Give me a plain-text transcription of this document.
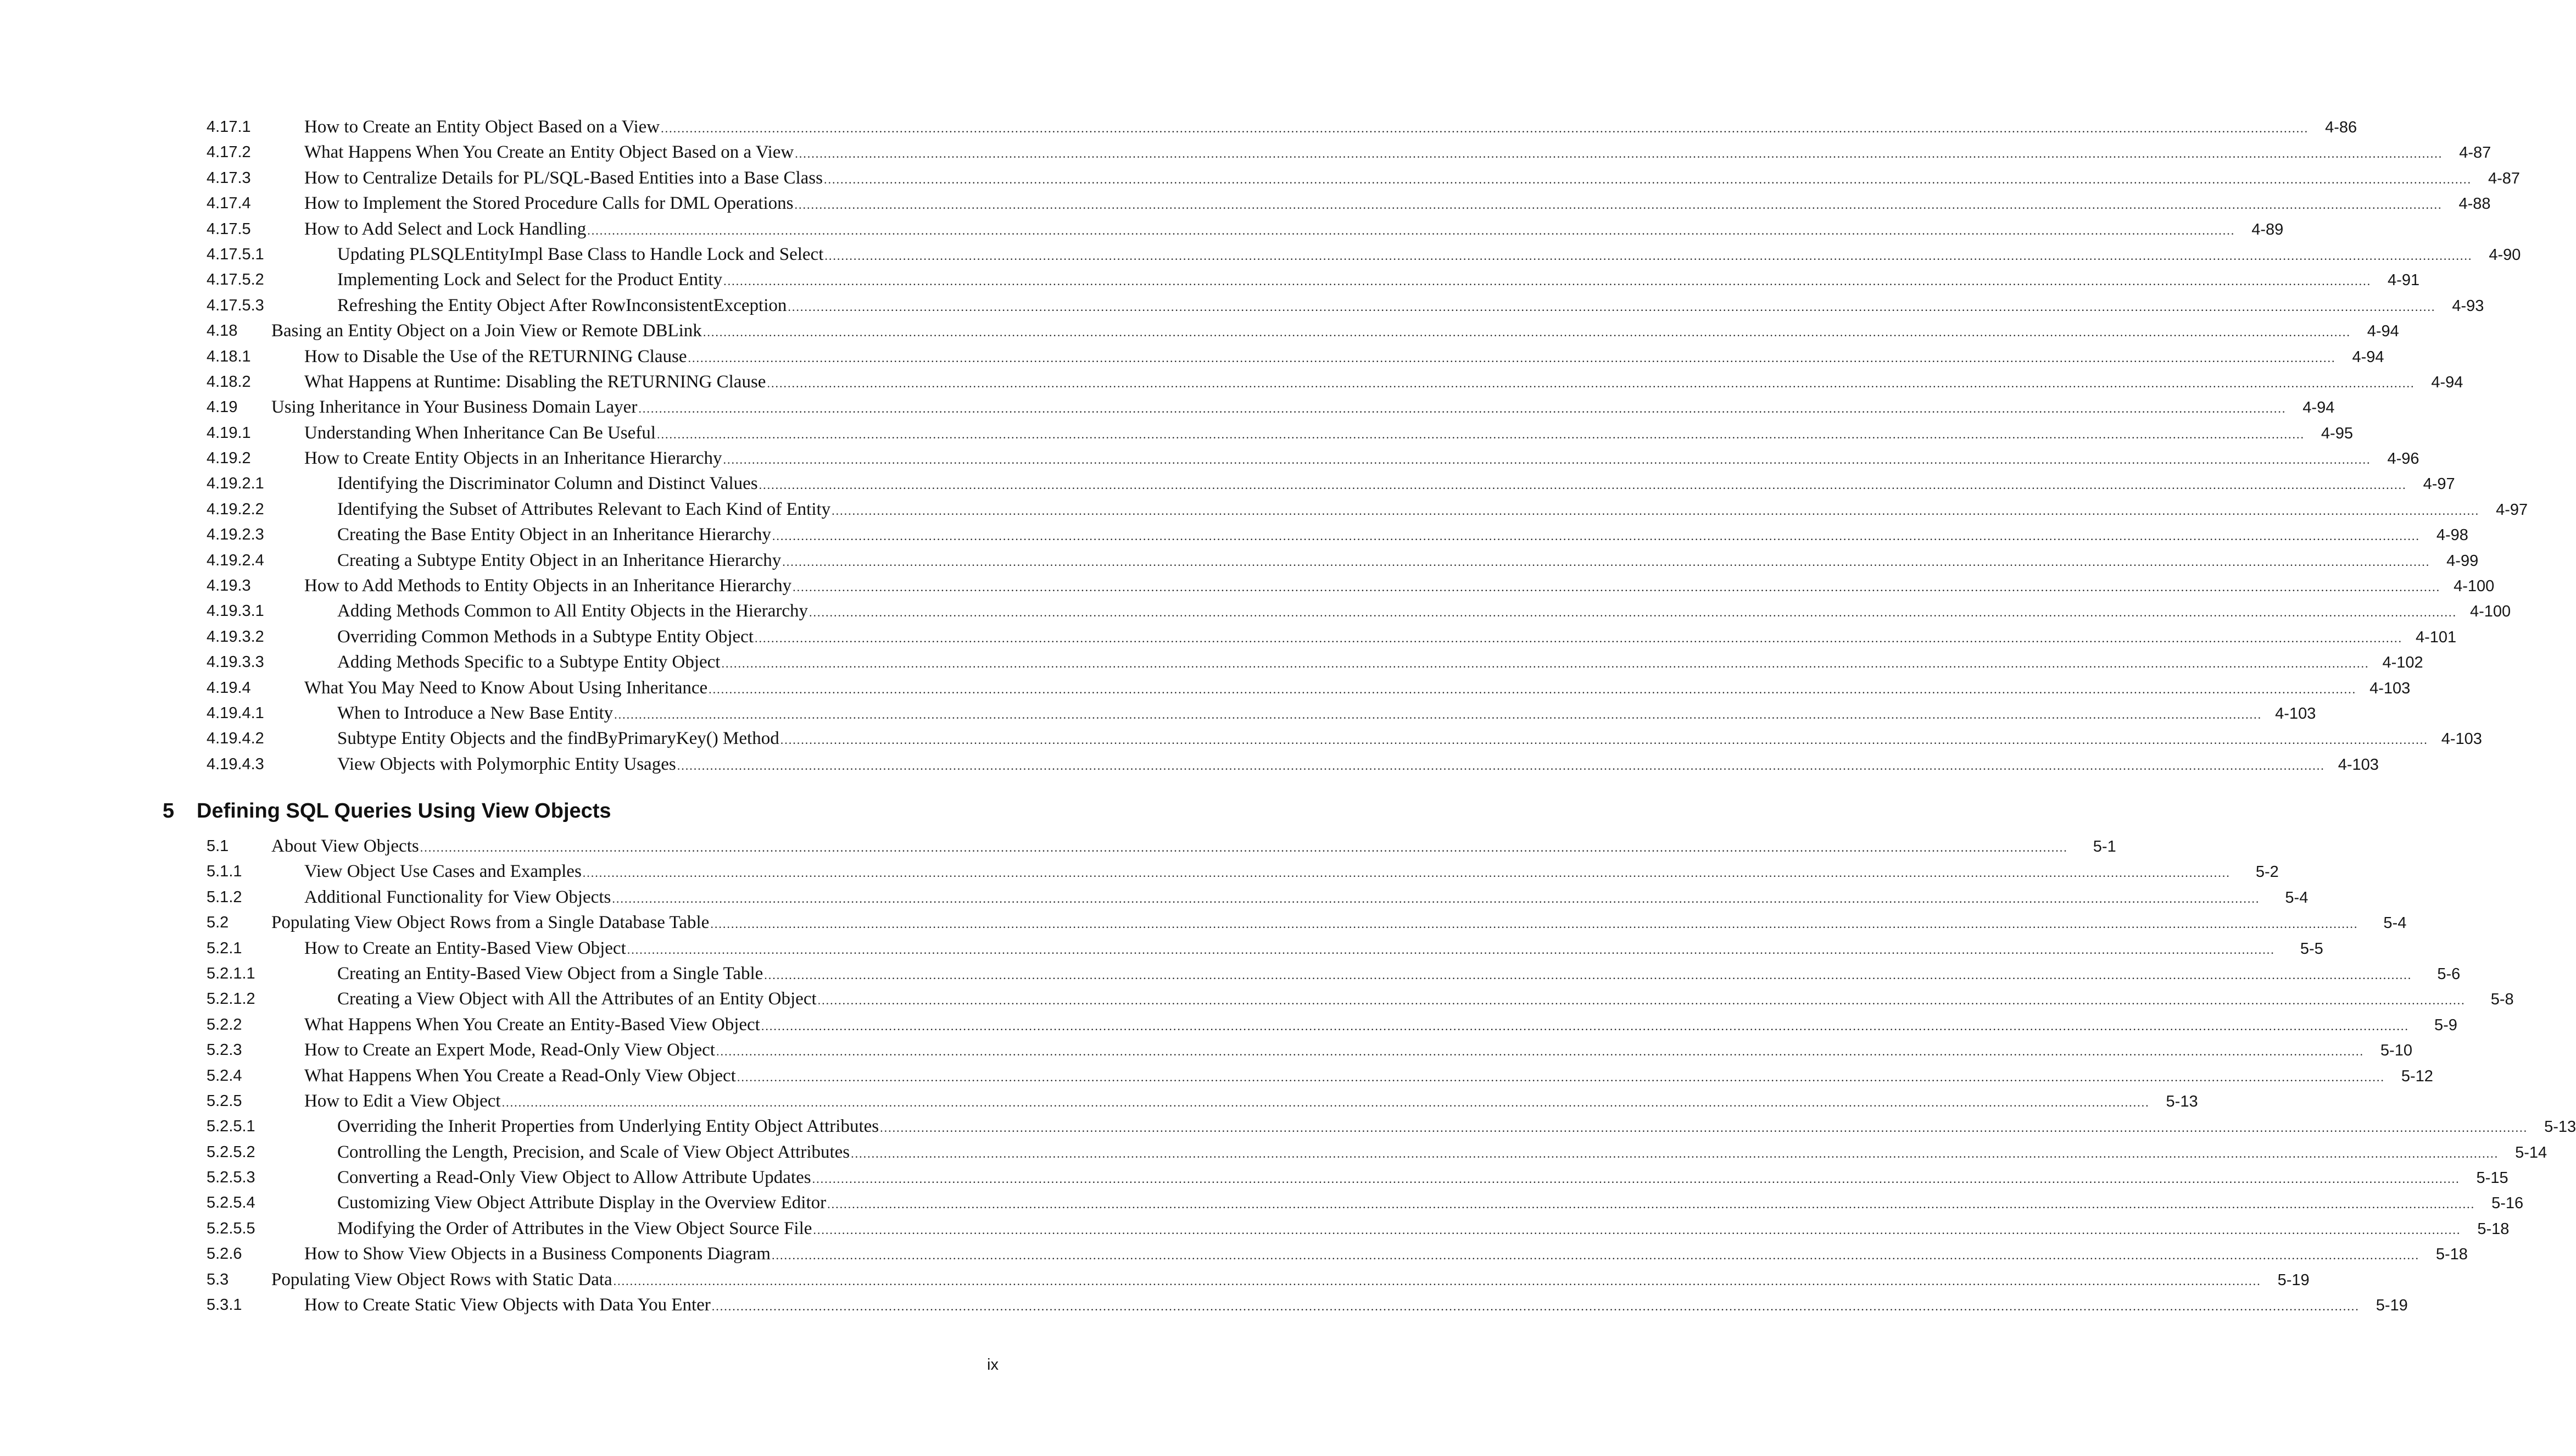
4.17.1	How to Create an Entity Object Based on a View ................................................................................................................................................................................................................................................................................................................................................................................................................	4-86
4.17.2	What Happens When You Create an Entity Object Based on a View ................................................................................................................................................................................................................................................................................................................................................................................................................	4-87
4.17.3	How to Centralize Details for PL/SQL-Based Entities into a Base Class ................................................................................................................................................................................................................................................................................................................................................................................................................	4-87
4.17.4	How to Implement the Stored Procedure Calls for DML Operations ................................................................................................................................................................................................................................................................................................................................................................................................................	4-88
4.17.5	How to Add Select and Lock Handling ................................................................................................................................................................................................................................................................................................................................................................................................................	4-89
4.17.5.1	Updating PLSQLEntityImpl Base Class to Handle Lock and Select ................................................................................................................................................................................................................................................................................................................................................................................................................	4-90
4.17.5.2	Implementing Lock and Select for the Product Entity ................................................................................................................................................................................................................................................................................................................................................................................................................	4-91
4.17.5.3	Refreshing the Entity Object After RowInconsistentException ................................................................................................................................................................................................................................................................................................................................................................................................................	4-93
4.18 Basing an Entity Object on a Join View or Remote DBLink ................................................................................................................................................................................................................................................................................................................................................................................................................	4-94
4.18.1	How to Disable the Use of the RETURNING Clause ................................................................................................................................................................................................................................................................................................................................................................................................................	4-94
4.18.2	What Happens at Runtime: Disabling the RETURNING Clause ................................................................................................................................................................................................................................................................................................................................................................................................................	4-94
4.19 Using Inheritance in Your Business Domain Layer ................................................................................................................................................................................................................................................................................................................................................................................................................	4-94
4.19.1	Understanding When Inheritance Can Be Useful ................................................................................................................................................................................................................................................................................................................................................................................................................	4-95
4.19.2	How to Create Entity Objects in an Inheritance Hierarchy ................................................................................................................................................................................................................................................................................................................................................................................................................	4-96
4.19.2.1	Identifying the Discriminator Column and Distinct Values ................................................................................................................................................................................................................................................................................................................................................................................................................	4-97
4.19.2.2	Identifying the Subset of Attributes Relevant to Each Kind of Entity ................................................................................................................................................................................................................................................................................................................................................................................................................	4-97
4.19.2.3	Creating the Base Entity Object in an Inheritance Hierarchy ................................................................................................................................................................................................................................................................................................................................................................................................................	4-98
4.19.2.4	Creating a Subtype Entity Object in an Inheritance Hierarchy ................................................................................................................................................................................................................................................................................................................................................................................................................	4-99
4.19.3	How to Add Methods to Entity Objects in an Inheritance Hierarchy ................................................................................................................................................................................................................................................................................................................................................................................................................ 4-100
4.19.3.1	Adding Methods Common to All Entity Objects in the Hierarchy ................................................................................................................................................................................................................................................................................................................................................................................................................ 4-100
4.19.3.2	Overriding Common Methods in a Subtype Entity Object ................................................................................................................................................................................................................................................................................................................................................................................................................ 4-101
4.19.3.3	Adding Methods Specific to a Subtype Entity Object ................................................................................................................................................................................................................................................................................................................................................................................................................ 4-102
4.19.4	What You May Need to Know About Using Inheritance ................................................................................................................................................................................................................................................................................................................................................................................................................ 4-103
4.19.4.1	When to Introduce a New Base Entity ................................................................................................................................................................................................................................................................................................................................................................................................................ 4-103
4.19.4.2	Subtype Entity Objects and the findByPrimaryKey() Method ................................................................................................................................................................................................................................................................................................................................................................................................................ 4-103
4.19.4.3	View Objects with Polymorphic Entity Usages ................................................................................................................................................................................................................................................................................................................................................................................................................ 4-103
5 Defining SQL Queries Using View Objects
5.1 About View Objects ................................................................................................................................................................................................................................................................................................................................................................................................................	5-1
5.1.1	View Object Use Cases and Examples ................................................................................................................................................................................................................................................................................................................................................................................................................	5-2
5.1.2	Additional Functionality for View Objects ................................................................................................................................................................................................................................................................................................................................................................................................................	5-4
5.2 Populating View Object Rows from a Single Database Table ................................................................................................................................................................................................................................................................................................................................................................................................................	5-4
5.2.1	How to Create an Entity-Based View Object ................................................................................................................................................................................................................................................................................................................................................................................................................	5-5
5.2.1.1	Creating an Entity-Based View Object from a Single Table ................................................................................................................................................................................................................................................................................................................................................................................................................	5-6
5.2.1.2	Creating a View Object with All the Attributes of an Entity Object ................................................................................................................................................................................................................................................................................................................................................................................................................	5-8
5.2.2	What Happens When You Create an Entity-Based View Object ................................................................................................................................................................................................................................................................................................................................................................................................................	5-9
5.2.3	How to Create an Expert Mode, Read-Only View Object ................................................................................................................................................................................................................................................................................................................................................................................................................	5-10
5.2.4	What Happens When You Create a Read-Only View Object ................................................................................................................................................................................................................................................................................................................................................................................................................	5-12
5.2.5	How to Edit a View Object ................................................................................................................................................................................................................................................................................................................................................................................................................	5-13
5.2.5.1	Overriding the Inherit Properties from Underlying Entity Object Attributes ................................................................................................................................................................................................................................................................................................................................................................................................................	5-13
5.2.5.2	Controlling the Length, Precision, and Scale of View Object Attributes ................................................................................................................................................................................................................................................................................................................................................................................................................	5-14
5.2.5.3	Converting a Read-Only View Object to Allow Attribute Updates ................................................................................................................................................................................................................................................................................................................................................................................................................	5-15
5.2.5.4	Customizing View Object Attribute Display in the Overview Editor ................................................................................................................................................................................................................................................................................................................................................................................................................	5-16
5.2.5.5	Modifying the Order of Attributes in the View Object Source File ................................................................................................................................................................................................................................................................................................................................................................................................................	5-18
5.2.6	How to Show View Objects in a Business Components Diagram ................................................................................................................................................................................................................................................................................................................................................................................................................	5-18
5.3 Populating View Object Rows with Static Data ................................................................................................................................................................................................................................................................................................................................................................................................................	5-19
5.3.1	How to Create Static View Objects with Data You Enter ................................................................................................................................................................................................................................................................................................................................................................................................................	5-19
ix
